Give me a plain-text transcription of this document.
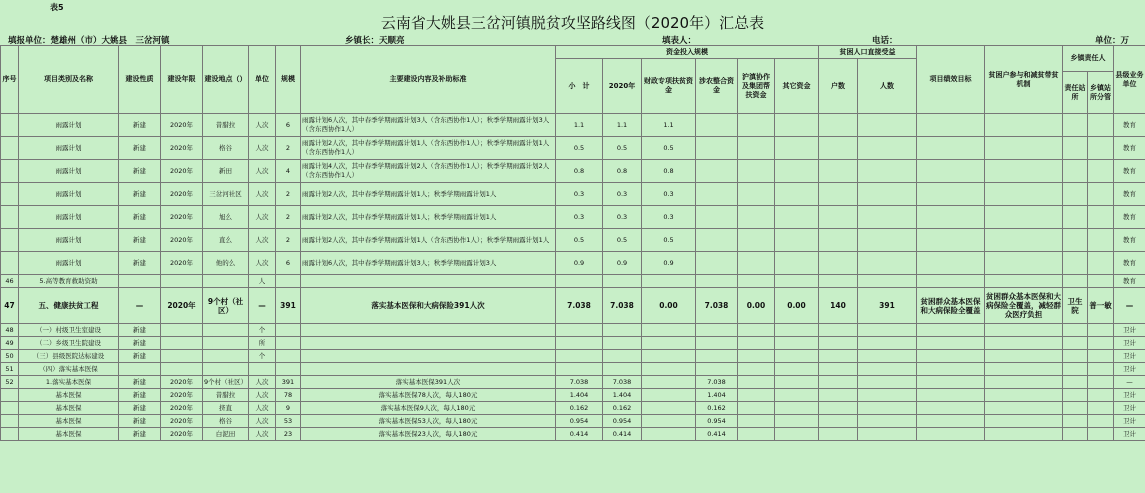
表5
云南省大姚县三岔河镇脱贫攻坚路线图（2020年）汇总表
填报单位：楚雄州（市）大姚县　三岔河镇	乡镇长：天顺亮	填表人：	电话：	单位：万
序号	项目类别及名称	建设性质	建设年限	建设地点（）	单位	规模	主要建设内容及补助标准	资金投入规模						贫困人口直接受益		项目绩效目标	贫困户参与和减贫带贫机制	乡镇责任人		县级业务单位
								小　计	2020年	财政专项扶贫资金	涉农整合资金	沪滇协作及集团帮扶资金	其它资金	户数	人数					
																		责任站所	乡镇站所分管	
	雨露计划	新建	2020年	昔腊拉	人次	6	雨露计划6人次，其中春季学期雨露计划3人（含东西协作1人）；秋季学期雨露计划3人（含东西协作1人）	1.1	1.1	1.1										教育
	雨露计划	新建	2020年	格谷	人次	2	雨露计划2人次，其中春季学期雨露计划1人（含东西协作1人）；秋季学期雨露计划1人（含东西协作1人）	0.5	0.5	0.5										教育
	雨露计划	新建	2020年	新田	人次	4	雨露计划4人次，其中春季学期雨露计划2人（含东西协作1人）；秋季学期雨露计划2人（含东西协作1人）	0.8	0.8	0.8										教育
	雨露计划	新建	2020年	三岔河社区	人次	2	雨露计划2人次，其中春季学期雨露计划1人；秋季学期雨露计划1人	0.3	0.3	0.3										教育
	雨露计划	新建	2020年	旭么	人次	2	雨露计划2人次，其中春季学期雨露计划1人；秋季学期雨露计划1人	0.3	0.3	0.3										教育
	雨露计划	新建	2020年	直么	人次	2	雨露计划2人次，其中春季学期雨露计划1人（含东西协作1人）；秋季学期雨露计划1人	0.5	0.5	0.5										教育
	雨露计划	新建	2020年	他的么	人次	6	雨露计划6人次，其中春季学期雨露计划3人；秋季学期雨露计划3人	0.9	0.9	0.9										教育
46	5.高等教育救助资助				人															教育
47	五、健康扶贫工程	—	2020年	9个村（社区）	—	391	落实基本医保和大病保险391人次	7.038	7.038	0.00	7.038	0.00	0.00	140	391	贫困群众基本医保和大病保险全覆盖	贫困群众基本医保和大病保险全覆盖，减轻群众医疗负担	卫生院	普一敏	—
48	（一）村级卫生室建设	新建			个															卫计
49	（二）乡级卫生院建设	新建			所															卫计
50	（三）县级医院达标建设	新建			个															卫计
51	（四）落实基本医保																			卫计
52	1.落实基本医保	新建	2020年	9个村（社区）	人次	391	落实基本医保391人次	7.038	7.038		7.038									—
	基本医保	新建	2020年	昔腊拉	人次	78	落实基本医保78人次，每人180元	1.404	1.404		1.404									卫计
	基本医保	新建	2020年	挤直	人次	9	落实基本医保9人次，每人180元	0.162	0.162		0.162									卫计
	基本医保	新建	2020年	格谷	人次	53	落实基本医保53人次，每人180元	0.954	0.954		0.954									卫计
	基本医保	新建	2020年	白泥田	人次	23	落实基本医保23人次，每人180元	0.414	0.414		0.414									卫计
